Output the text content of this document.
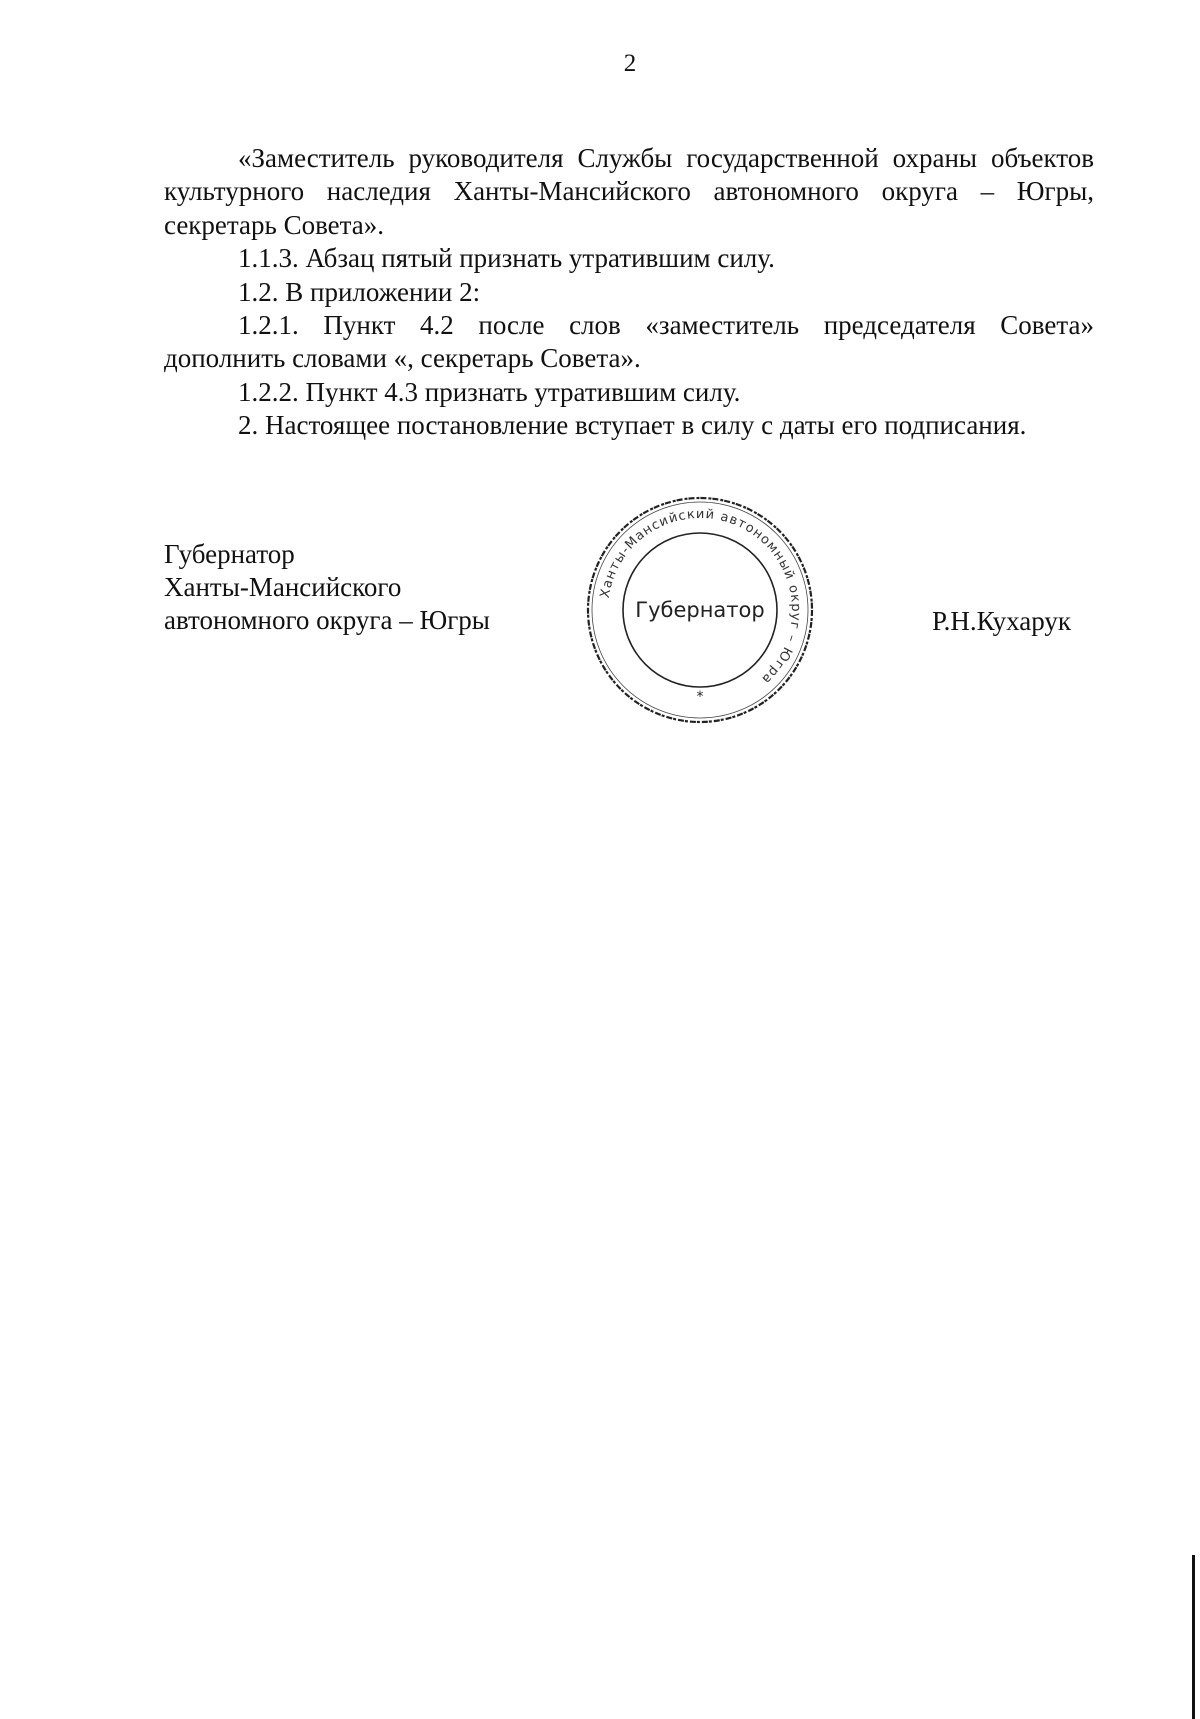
2

«Заместитель руководителя Службы государственной охраны объектов культурного наследия Ханты-Мансийского автономного округа – Югры, секретарь Совета».

1.1.3. Абзац пятый признать утратившим силу.

1.2. В приложении 2:

1.2.1. Пункт 4.2 после слов «заместитель председателя Совета» дополнить словами «, секретарь Совета».

1.2.2. Пункт 4.3 признать утратившим силу.

2. Настоящее постановление вступает в силу с даты его подписания.

Губернатор
Ханты-Мансийского
автономного округа – Югры
Ханты-Мансийский автономный округ – Югра
Губернатор
*
Р.Н.Кухарук
